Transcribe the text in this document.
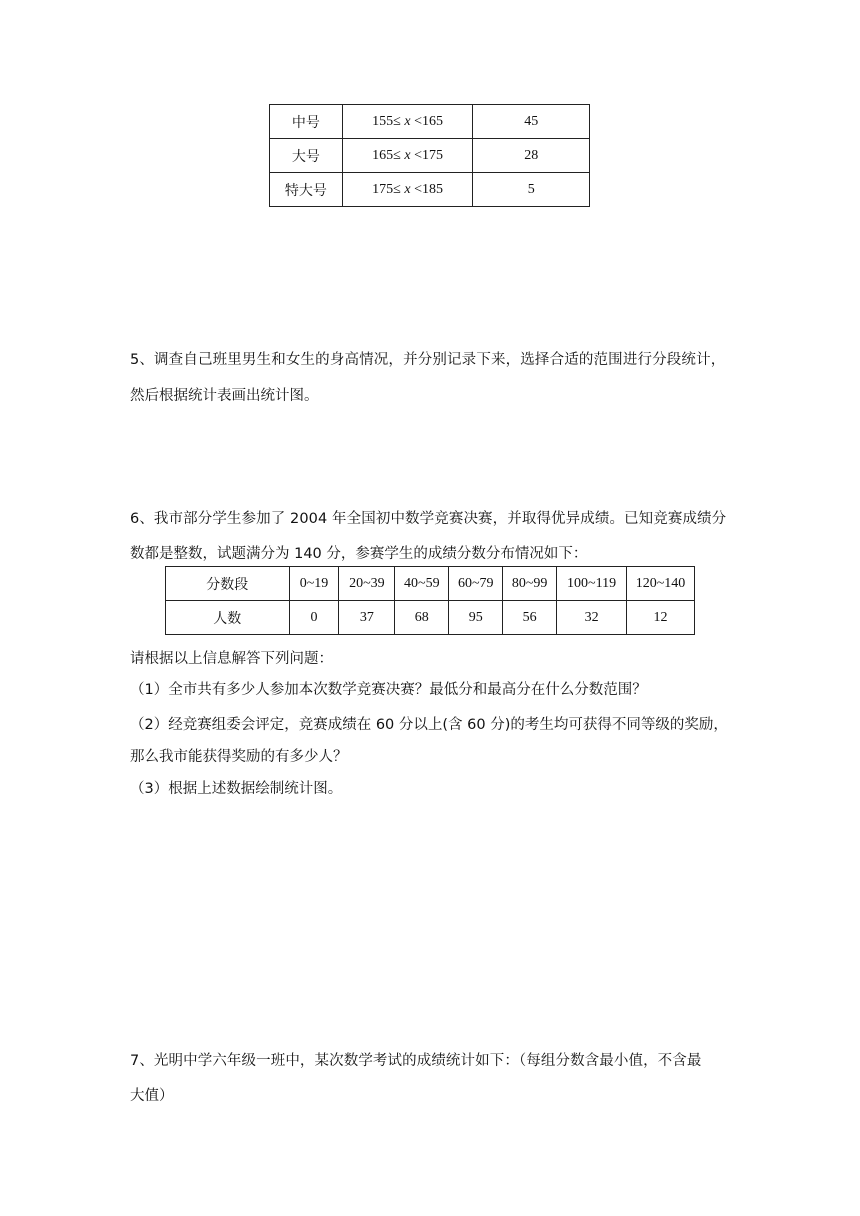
中号	155≤ x <165	45
大号	165≤ x <175	28
特大号	175≤ x <185	5
5、调查自己班里男生和女生的身高情况，并分别记录下来，选择合适的范围进行分段统计，
然后根据统计表画出统计图。
6、我市部分学生参加了 2004 年全国初中数学竞赛决赛，并取得优异成绩。已知竞赛成绩分
数都是整数，试题满分为 140 分，参赛学生的成绩分数分布情况如下：
分数段	0~19	20~39	40~59	60~79	80~99	100~119	120~140
人数	0	37	68	95	56	32	12
请根据以上信息解答下列问题：
（1）全市共有多少人参加本次数学竞赛决赛？最低分和最高分在什么分数范围？
（2）经竞赛组委会评定，竞赛成绩在 60 分以上(含 60 分)的考生均可获得不同等级的奖励，
那么我市能获得奖励的有多少人？
（3）根据上述数据绘制统计图。
7、光明中学六年级一班中，某次数学考试的成绩统计如下：（每组分数含最小值，不含最
大值）
